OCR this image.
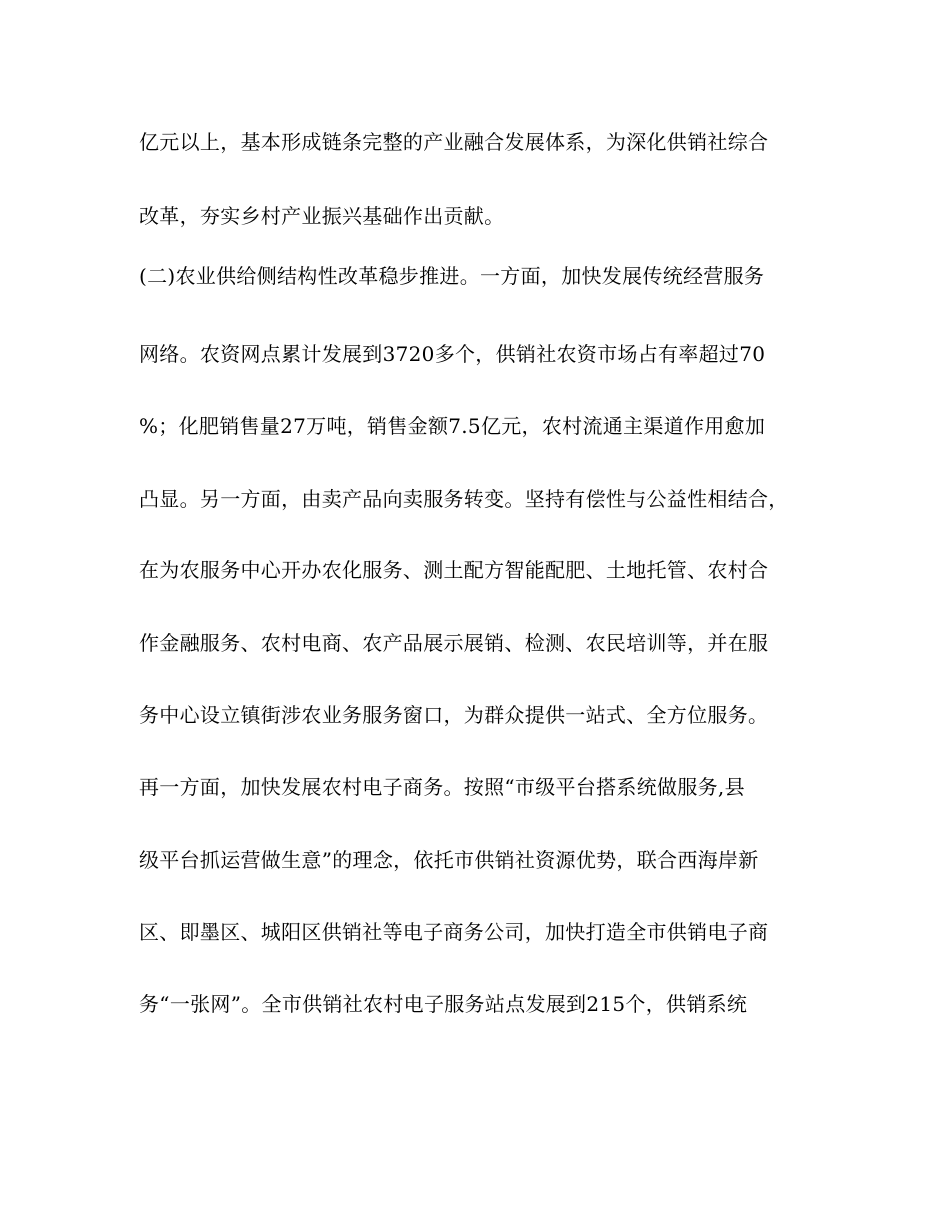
亿元以上，基本形成链条完整的产业融合发展体系，为深化供销社综合
改革，夯实乡村产业振兴基础作出贡献。
(二)农业供给侧结构性改革稳步推进。一方面，加快发展传统经营服务
网络。农资网点累计发展到3720多个，供销社农资市场占有率超过70
%；化肥销售量27万吨，销售金额7.5亿元，农村流通主渠道作用愈加
凸显。另一方面，由卖产品向卖服务转变。坚持有偿性与公益性相结合，
在为农服务中心开办农化服务、测土配方智能配肥、土地托管、农村合
作金融服务、农村电商、农产品展示展销、检测、农民培训等，并在服
务中心设立镇街涉农业务服务窗口，为群众提供一站式、全方位服务。
再一方面，加快发展农村电子商务。按照“市级平台搭系统做服务,县
级平台抓运营做生意”的理念，依托市供销社资源优势，联合西海岸新
区、即墨区、城阳区供销社等电子商务公司，加快打造全市供销电子商
务“一张网”。全市供销社农村电子服务站点发展到215个，供销系统
